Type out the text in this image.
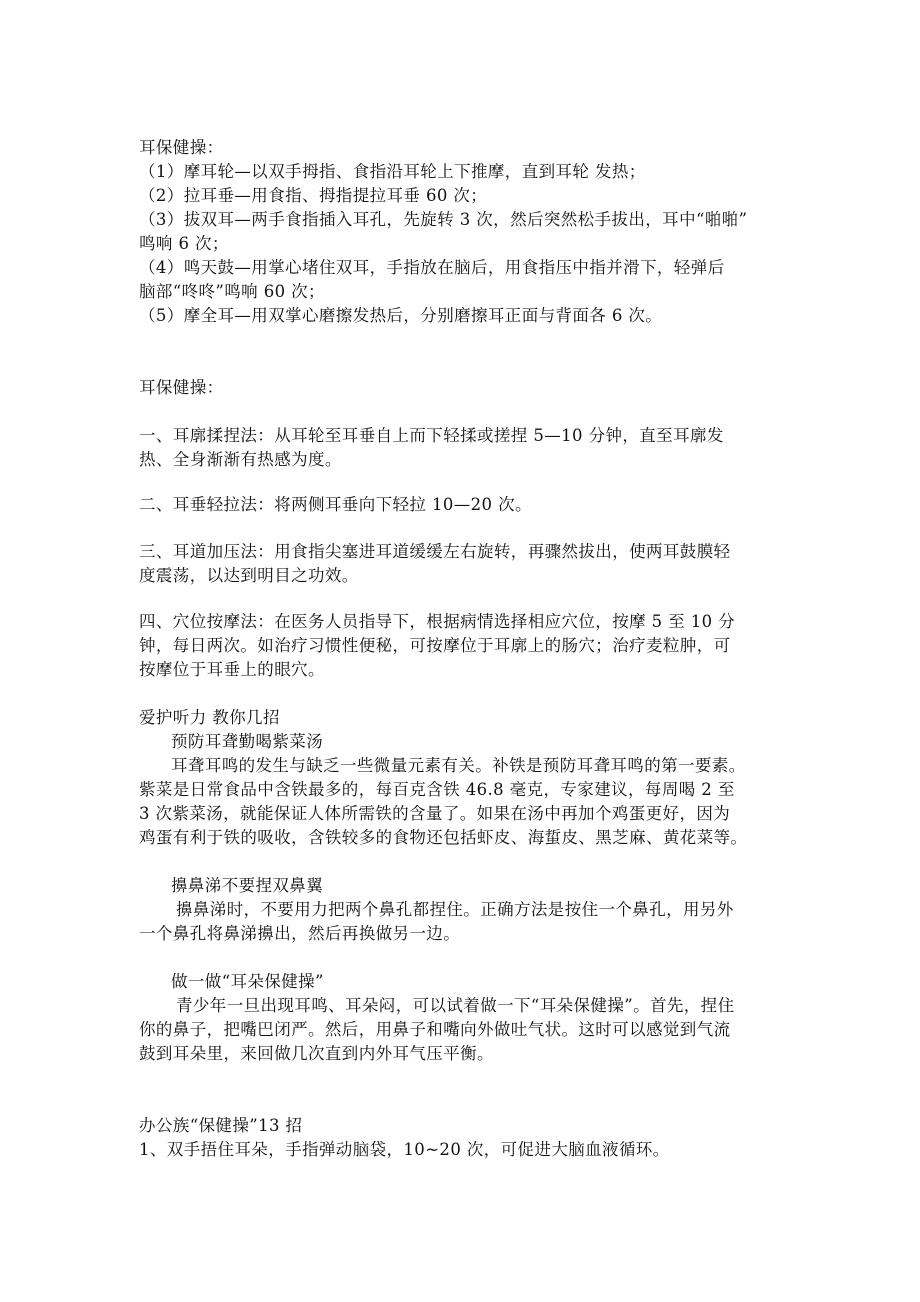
耳保健操：
（1）摩耳轮—以双手拇指、食指沿耳轮上下推摩，直到耳轮 发热；
（2）拉耳垂—用食指、拇指提拉耳垂 60 次；
（3）拔双耳—两手食指插入耳孔，先旋转 3 次，然后突然松手拔出，耳中“啪啪”
鸣响 6 次；
（4）鸣天鼓—用掌心堵住双耳，手指放在脑后，用食指压中指并滑下，轻弹后
脑部“咚咚”鸣响 60 次；
（5）摩全耳—用双掌心磨擦发热后，分别磨擦耳正面与背面各 6 次。
耳保健操：
一、耳廓揉捏法：从耳轮至耳垂自上而下轻揉或搓捏 5—10 分钟，直至耳廓发
热、全身渐渐有热感为度。
二、耳垂轻拉法：将两侧耳垂向下轻拉 10—20 次。
三、耳道加压法：用食指尖塞进耳道缓缓左右旋转，再骤然拔出，使两耳鼓膜轻
度震荡，以达到明目之功效。
四、穴位按摩法：在医务人员指导下，根据病情选择相应穴位，按摩 5 至 10 分
钟，每日两次。如治疗习惯性便秘，可按摩位于耳廓上的肠穴；治疗麦粒肿，可
按摩位于耳垂上的眼穴。
爱护听力 教你几招
预防耳聋勤喝紫菜汤
耳聋耳鸣的发生与缺乏一些微量元素有关。补铁是预防耳聋耳鸣的第一要素。
紫菜是日常食品中含铁最多的，每百克含铁 46.8 毫克，专家建议，每周喝 2 至
3 次紫菜汤，就能保证人体所需铁的含量了。如果在汤中再加个鸡蛋更好，因为
鸡蛋有利于铁的吸收，含铁较多的食物还包括虾皮、海蜇皮、黑芝麻、黄花菜等。
擤鼻涕不要捏双鼻翼
擤鼻涕时，不要用力把两个鼻孔都捏住。正确方法是按住一个鼻孔，用另外
一个鼻孔将鼻涕擤出，然后再换做另一边。
做一做“耳朵保健操”
青少年一旦出现耳鸣、耳朵闷，可以试着做一下“耳朵保健操”。首先，捏住
你的鼻子，把嘴巴闭严。然后，用鼻子和嘴向外做吐气状。这时可以感觉到气流
鼓到耳朵里，来回做几次直到内外耳气压平衡。
办公族“保健操”13 招
1、双手捂住耳朵，手指弹动脑袋，10~20 次，可促进大脑血液循环。
